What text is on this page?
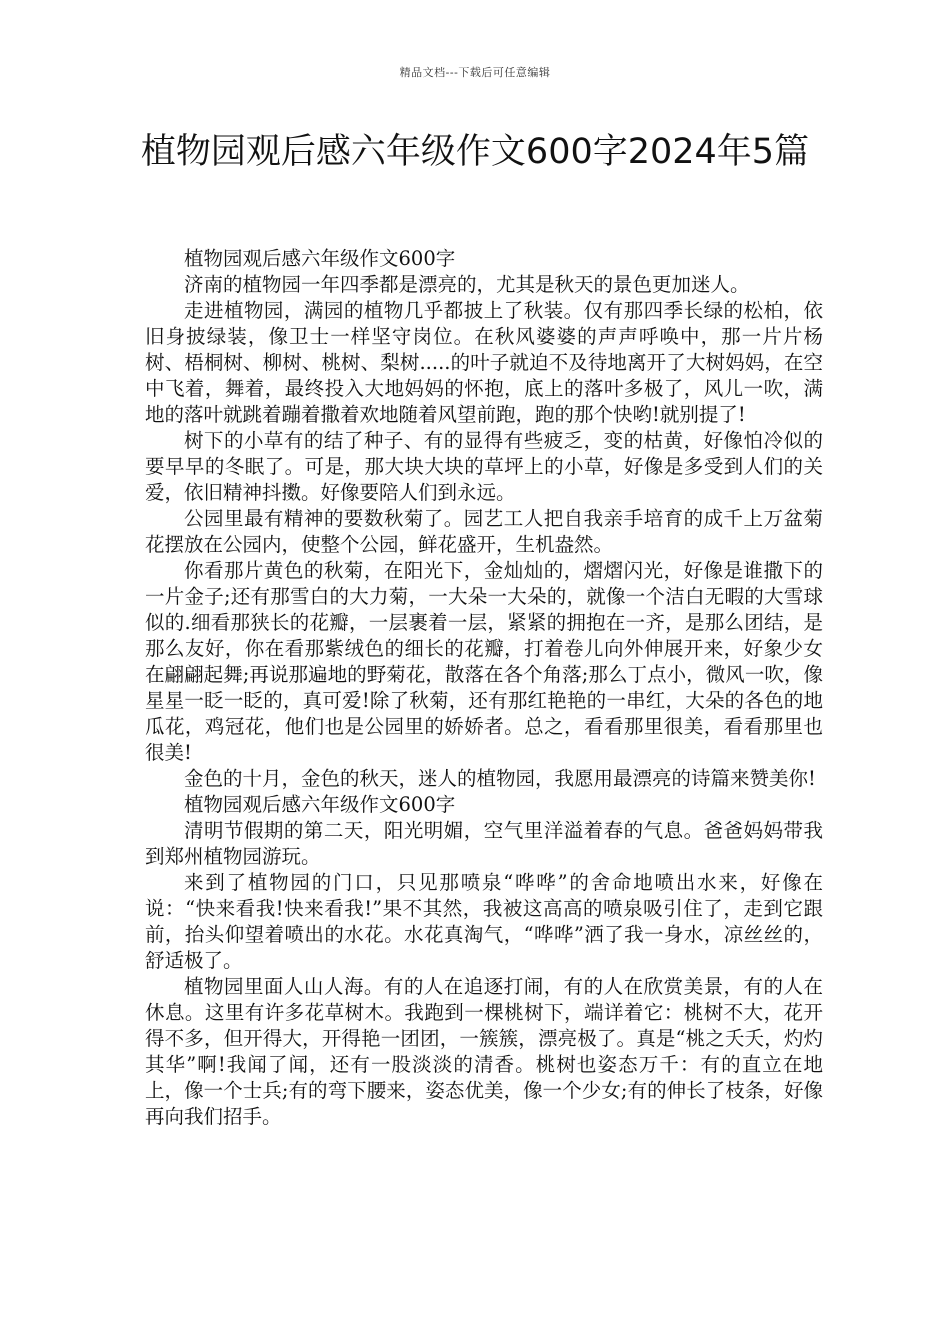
精品文档---下载后可任意编辑
植物园观后感六年级作文600字2024年5篇

植物园观后感六年级作文600字

济南的植物园一年四季都是漂亮的，尤其是秋天的景色更加迷人。

走进植物园，满园的植物几乎都披上了秋装。仅有那四季长绿的松柏，依旧身披绿装，像卫士一样坚守岗位。在秋风婆婆的声声呼唤中，那一片片杨树、梧桐树、柳树、桃树、梨树.....的叶子就迫不及待地离开了大树妈妈，在空中飞着，舞着，最终投入大地妈妈的怀抱，底上的落叶多极了，风儿一吹，满地的落叶就跳着蹦着撒着欢地随着风望前跑，跑的那个快哟!就别提了!

树下的小草有的结了种子、有的显得有些疲乏，变的枯黄，好像怕冷似的要早早的冬眠了。可是，那大块大块的草坪上的小草，好像是多受到人们的关爱，依旧精神抖擞。好像要陪人们到永远。

公园里最有精神的要数秋菊了。园艺工人把自我亲手培育的成千上万盆菊花摆放在公园内，使整个公园，鲜花盛开，生机盎然。

你看那片黄色的秋菊，在阳光下，金灿灿的，熠熠闪光，好像是谁撒下的一片金子;还有那雪白的大力菊，一大朵一大朵的，就像一个洁白无暇的大雪球似的.细看那狭长的花瓣，一层裹着一层，紧紧的拥抱在一齐，是那么团结，是那么友好，你在看那紫绒色的细长的花瓣，打着卷儿向外伸展开来，好象少女在翩翩起舞;再说那遍地的野菊花，散落在各个角落;那么丁点小，微风一吹，像星星一眨一眨的，真可爱!除了秋菊，还有那红艳艳的一串红，大朵的各色的地瓜花，鸡冠花，他们也是公园里的娇娇者。总之，看看那里很美，看看那里也很美!

金色的十月，金色的秋天，迷人的植物园，我愿用最漂亮的诗篇来赞美你!

植物园观后感六年级作文600字

清明节假期的第二天，阳光明媚，空气里洋溢着春的气息。爸爸妈妈带我到郑州植物园游玩。

来到了植物园的门口，只见那喷泉“哗哗”的舍命地喷出水来，好像在说：“快来看我!快来看我!”果不其然，我被这高高的喷泉吸引住了，走到它跟前，抬头仰望着喷出的水花。水花真淘气，“哗哗”洒了我一身水，凉丝丝的，舒适极了。

植物园里面人山人海。有的人在追逐打闹，有的人在欣赏美景，有的人在休息。这里有许多花草树木。我跑到一棵桃树下，端详着它：桃树不大，花开得不多，但开得大，开得艳一团团，一簇簇，漂亮极了。真是“桃之夭夭，灼灼其华”啊!我闻了闻，还有一股淡淡的清香。桃树也姿态万千：有的直立在地上，像一个士兵;有的弯下腰来，姿态优美，像一个少女;有的伸长了枝条，好像再向我们招手。
